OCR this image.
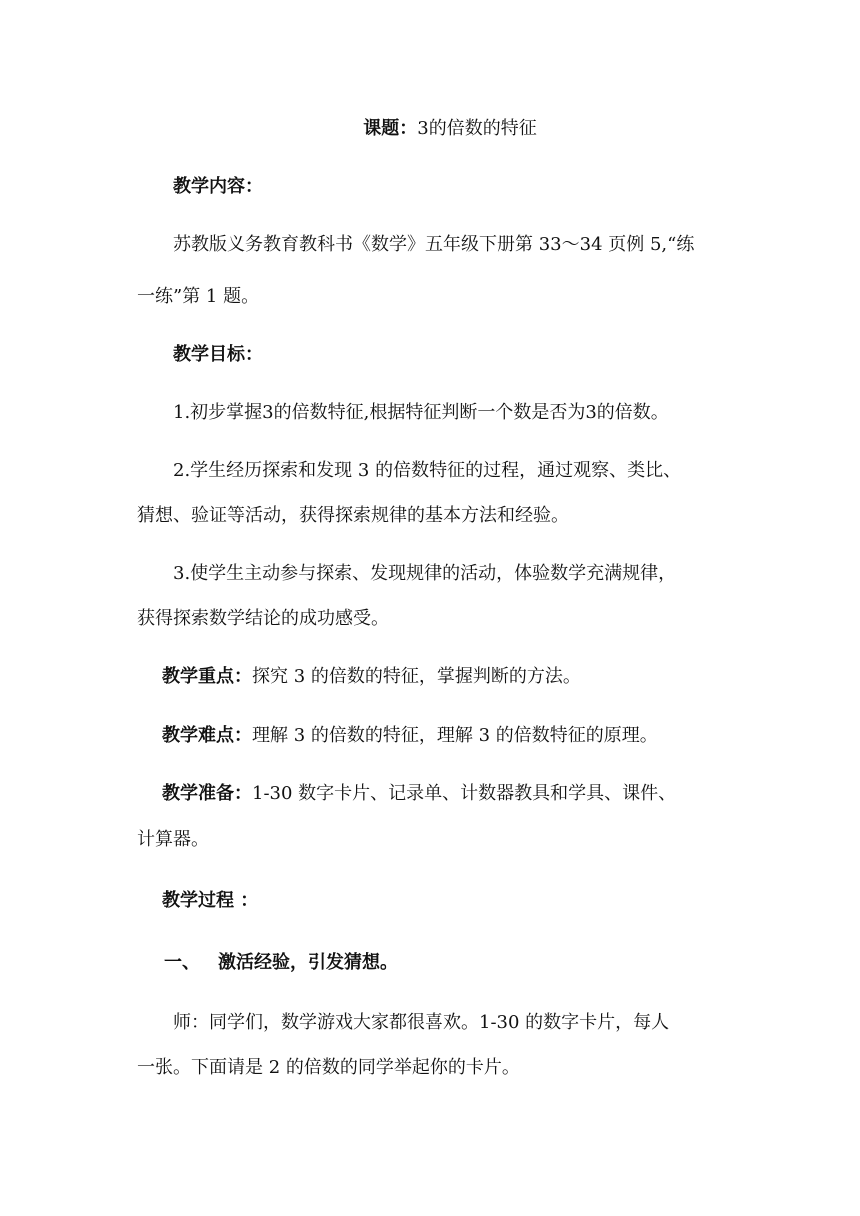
课题：3的倍数的特征

教学内容：

苏教版义务教育教科书《数学》五年级下册第 33～34 页例 5,“练

一练”第 1 题。

教学目标：

1.初步掌握3的倍数特征,根据特征判断一个数是否为3的倍数。

2.学生经历探索和发现 3 的倍数特征的过程，通过观察、类比、

猜想、验证等活动，获得探索规律的基本方法和经验。

3.使学生主动参与探索、发现规律的活动，体验数学充满规律，

获得探索数学结论的成功感受。

教学重点：探究 3 的倍数的特征，掌握判断的方法。

教学难点：理解 3 的倍数的特征，理解 3 的倍数特征的原理。

教学准备：1-30 数字卡片、记录单、计数器教具和学具、课件、

计算器。

教学过程 ：

一、 激活经验，引发猜想。

师：同学们，数学游戏大家都很喜欢。1-30 的数字卡片，每人

一张。下面请是 2 的倍数的同学举起你的卡片。
